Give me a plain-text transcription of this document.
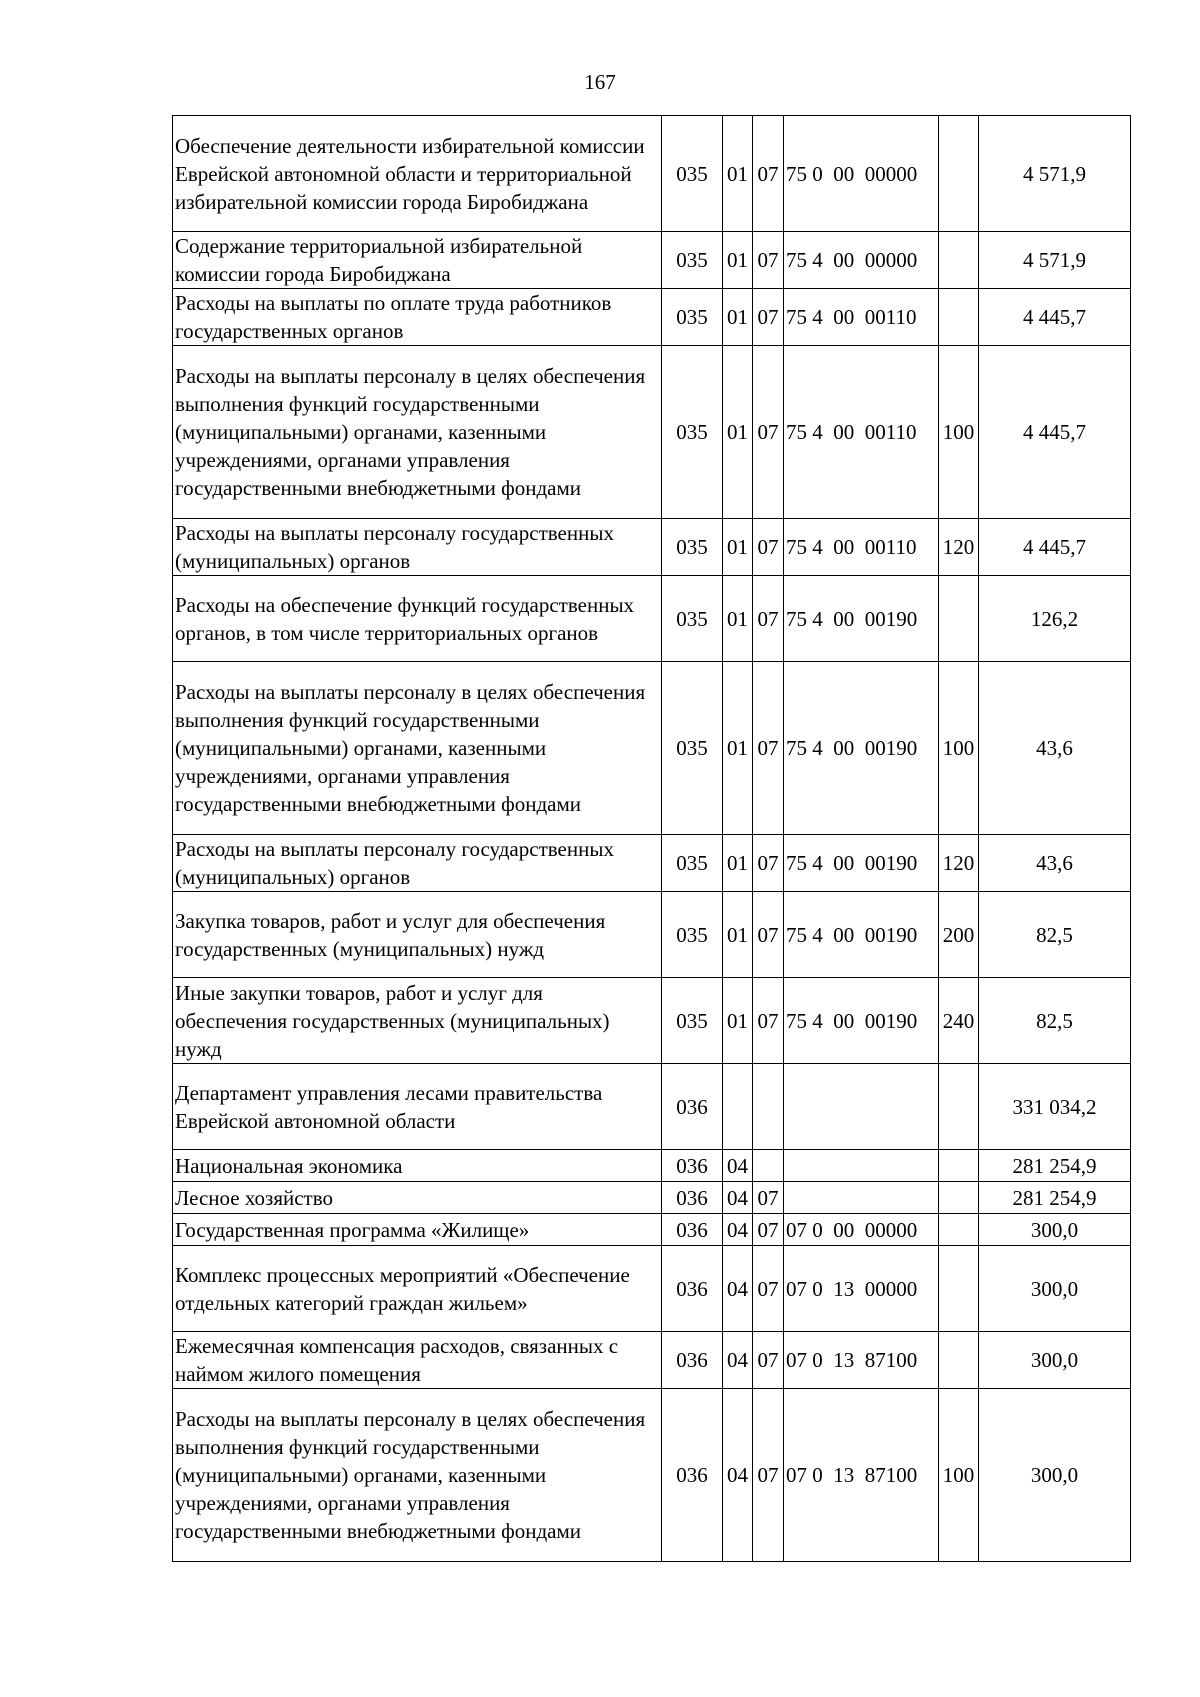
167
Обеспечение деятельности избирательной комиссии Еврейской автономной области и территориальной избирательной комиссии города Биробиджана	035	01	07	75 0  00  00000		4 571,9
Содержание территориальной избирательной комиссии города Биробиджана	035	01	07	75 4  00  00000		4 571,9
Расходы на выплаты по оплате труда работников государственных органов	035	01	07	75 4  00  00110		4 445,7
Расходы на выплаты персоналу в целях обеспечения выполнения функций государственными (муниципальными) органами, казенными учреждениями, органами управления государственными внебюджетными фондами	035	01	07	75 4  00  00110	100	4 445,7
Расходы на выплаты персоналу государственных (муниципальных) органов	035	01	07	75 4  00  00110	120	4 445,7
Расходы на обеспечение функций государственных органов, в том числе территориальных органов	035	01	07	75 4  00  00190		126,2
Расходы на выплаты персоналу в целях обеспечения выполнения функций государственными (муниципальными) органами, казенными учреждениями, органами управления государственными внебюджетными фондами	035	01	07	75 4  00  00190	100	43,6
Расходы на выплаты персоналу государственных (муниципальных) органов	035	01	07	75 4  00  00190	120	43,6
Закупка товаров, работ и услуг для обеспечения государственных (муниципальных) нужд	035	01	07	75 4  00  00190	200	82,5
Иные закупки товаров, работ и услуг для обеспечения государственных (муниципальных) нужд	035	01	07	75 4  00  00190	240	82,5
Департамент управления лесами правительства Еврейской автономной области	036					331 034,2
Национальная экономика	036	04				281 254,9
Лесное хозяйство	036	04	07			281 254,9
Государственная программа «Жилище»	036	04	07	07 0  00  00000		300,0
Комплекс процессных мероприятий «Обеспечение отдельных категорий граждан жильем»	036	04	07	07 0  13  00000		300,0
Ежемесячная компенсация расходов, связанных с наймом жилого помещения	036	04	07	07 0  13  87100		300,0
Расходы на выплаты персоналу в целях обеспечения выполнения функций государственными (муниципальными) органами, казенными учреждениями, органами управления государственными внебюджетными фондами	036	04	07	07 0  13  87100	100	300,0
